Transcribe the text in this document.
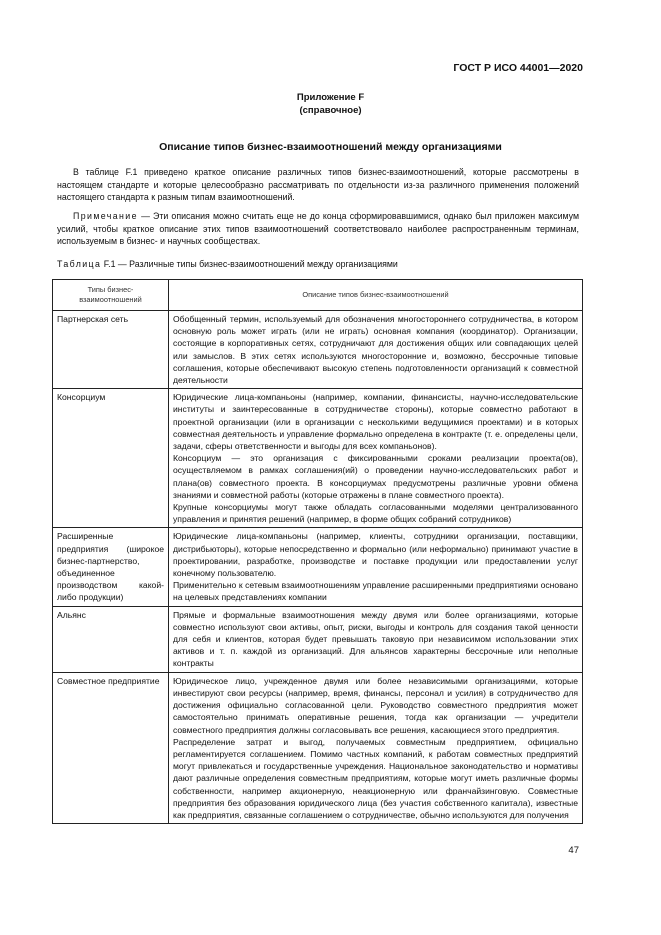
ГОСТ Р ИСО 44001—2020
Приложение F
(справочное)
Описание типов бизнес-взаимоотношений между организациями
В таблице F.1 приведено краткое описание различных типов бизнес-взаимоотношений, которые рассмотрены в настоящем стандарте и которые целесообразно рассматривать по отдельности из-за различного применения положений настоящего стандарта к разным типам взаимоотношений.
Примечание — Эти описания можно считать еще не до конца сформировавшимися, однако был приложен максимум усилий, чтобы краткое описание этих типов взаимоотношений соответствовало наиболее распространенным терминам, используемым в бизнес- и научных сообществах.
Таблица F.1 — Различные типы бизнес-взаимоотношений между организациями
Типы бизнес-взаимоотношений	Описание типов бизнес-взаимоотношений
Партнерская сеть	Обобщенный термин, используемый для обозначения многостороннего сотрудничества, в котором основную роль может играть (или не играть) основная компания (координатор). Организации, состоящие в корпоративных сетях, сотрудничают для достижения общих или совпадающих целей или замыслов. В этих сетях используются многосторонние и, возможно, бессрочные типовые соглашения, которые обеспечивают высокую степень подготовленности организаций к совместной деятельности

Консорциум	Юридические лица-компаньоны (например, компании, финансисты, научно-исследовательские институты и заинтересованные в сотрудничестве стороны), которые совместно работают в проектной организации (или в организации с несколькими ведущимися проектами) и в которых совместная деятельность и управление формально определена в контракте (т. е. определены цели, задачи, сферы ответственности и выгоды для всех компаньонов).
Консорциум — это организация с фиксированными сроками реализации проекта(ов), осуществляемом в рамках соглашения(ий) о проведении научно-исследовательских работ и плана(ов) совместного проекта. В консорциумах предусмотрены различные уровни обмена знаниями и совместной работы (которые отражены в плане совместного проекта).
Крупные консорциумы могут также обладать согласованными моделями централизованного управления и принятия решений (например, в форме общих собраний сотрудников)

Расширенные предприятия (широкое бизнес-партнерство, объединенное производством какой-либо продукции)	Юридические лица-компаньоны (например, клиенты, сотрудники организации, поставщики, дистрибьюторы), которые непосредственно и формально (или неформально) принимают участие в проектировании, разработке, производстве и поставке продукции или предоставлении услуг конечному пользователю.
Применительно к сетевым взаимоотношениям управление расширенными предприятиями основано на целевых представлениях компании

Альянс	Прямые и формальные взаимоотношения между двумя или более организациями, которые совместно используют свои активы, опыт, риски, выгоды и контроль для создания такой ценности для себя и клиентов, которая будет превышать таковую при независимом использовании этих активов и т. п. каждой из организаций. Для альянсов характерны бессрочные или неполные контракты

Совместное предприятие	Юридическое лицо, учрежденное двумя или более независимыми организациями, которые инвестируют свои ресурсы (например, время, финансы, персонал и усилия) в сотрудничество для достижения официально согласованной цели. Руководство совместного предприятия может самостоятельно принимать оперативные решения, тогда как организации — учредители совместного предприятия должны согласовывать все решения, касающиеся этого предприятия.
Распределение затрат и выгод, получаемых совместным предприятием, официально регламентируется соглашением. Помимо частных компаний, к работам совместных предприятий могут привлекаться и государственные учреждения. Национальное законодательство и нормативы дают различные определения совместным предприятиям, которые могут иметь различные формы собственности, например акционерную, неакционерную или франчайзинговую. Совместные предприятия без образования юридического лица (без участия собственного капитала), известные как предприятия, связанные соглашением о сотрудничестве, обычно используются для получения
47
